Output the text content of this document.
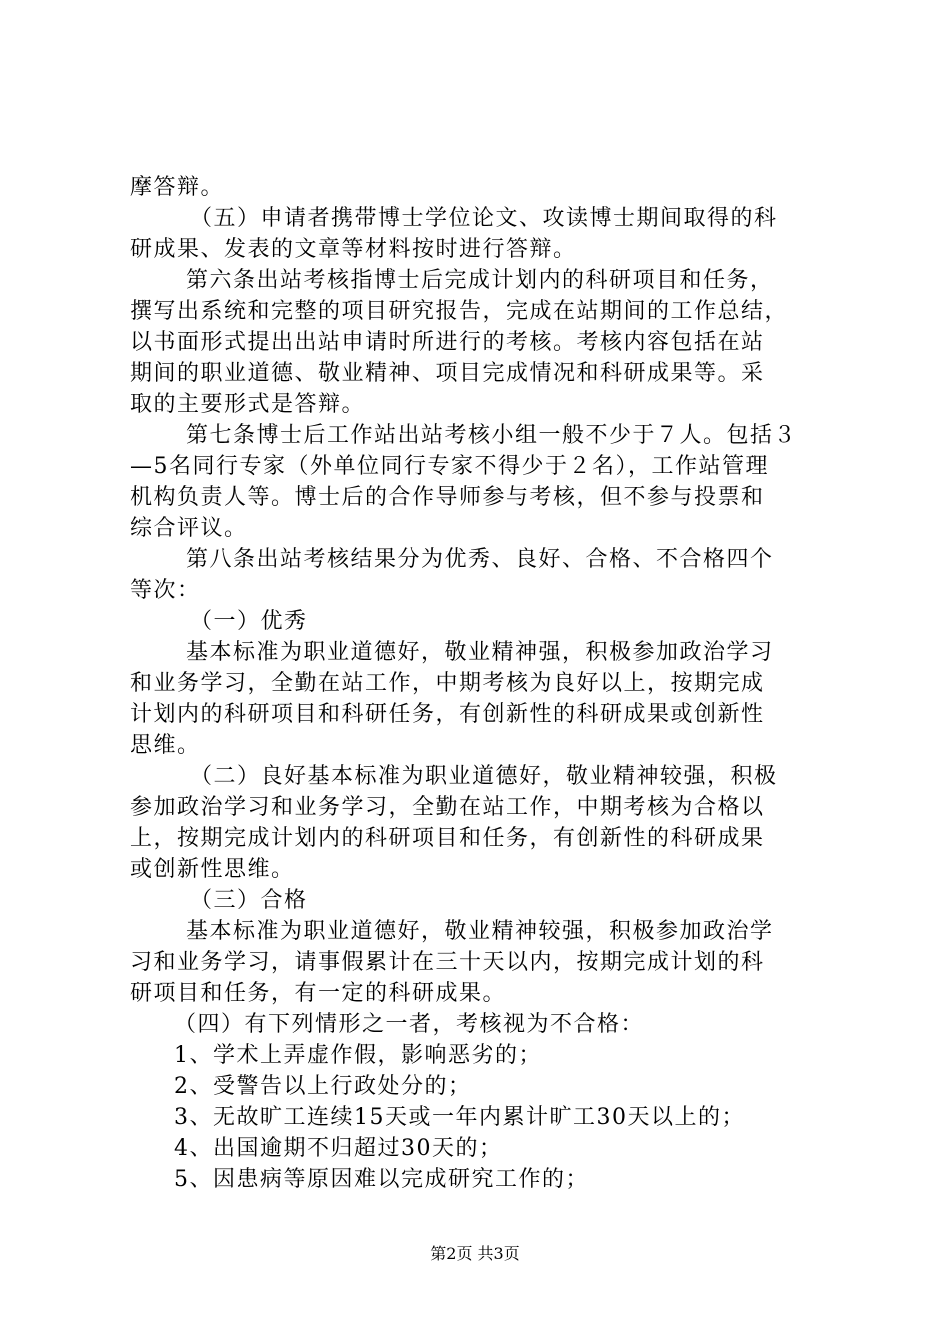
摩答辩。

（五）申请者携带博士学位论文、攻读博士期间取得的科

研成果、发表的文章等材料按时进行答辩。

第六条出站考核指博士后完成计划内的科研项目和任务，

撰写出系统和完整的项目研究报告，完成在站期间的工作总结，

以书面形式提出出站申请时所进行的考核。考核内容包括在站

期间的职业道德、敬业精神、项目完成情况和科研成果等。采

取的主要形式是答辩。

第七条博士后工作站出站考核小组一般不少于７人。包括３

—5名同行专家（外单位同行专家不得少于２名），工作站管理

机构负责人等。博士后的合作导师参与考核，但不参与投票和

综合评议。

第八条出站考核结果分为优秀、良好、合格、不合格四个

等次：

（一）优秀

基本标准为职业道德好，敬业精神强，积极参加政治学习

和业务学习，全勤在站工作，中期考核为良好以上，按期完成

计划内的科研项目和科研任务，有创新性的科研成果或创新性

思维。

（二）良好基本标准为职业道德好，敬业精神较强，积极

参加政治学习和业务学习，全勤在站工作，中期考核为合格以

上，按期完成计划内的科研项目和任务，有创新性的科研成果

或创新性思维。

（三）合格

基本标准为职业道德好，敬业精神较强，积极参加政治学

习和业务学习，请事假累计在三十天以内，按期完成计划的科

研项目和任务，有一定的科研成果。

（四）有下列情形之一者，考核视为不合格：

1、学术上弄虚作假，影响恶劣的；

2、受警告以上行政处分的；

3、无故旷工连续15天或一年内累计旷工30天以上的；

4、出国逾期不归超过30天的；

5、因患病等原因难以完成研究工作的；

第2页 共3页
